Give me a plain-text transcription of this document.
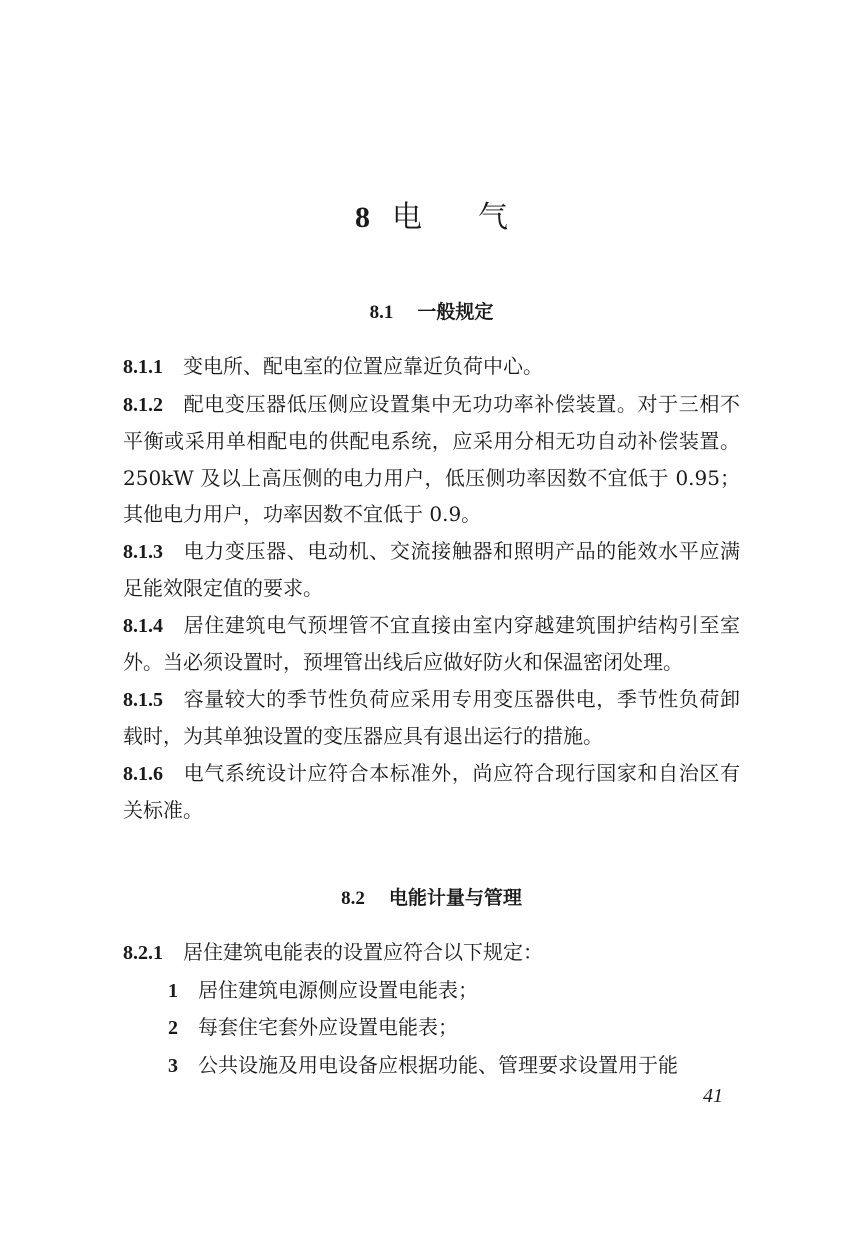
8 电 气
8.1 一般规定

8.1.1 变电所、配电室的位置应靠近负荷中心。

8.1.2 配电变压器低压侧应设置集中无功功率补偿装置。对于三相不平衡或采用单相配电的供配电系统，应采用分相无功自动补偿装置。250kW 及以上高压侧的电力用户，低压侧功率因数不宜低于 0.95；其他电力用户，功率因数不宜低于 0.9。

8.1.3 电力变压器、电动机、交流接触器和照明产品的能效水平应满足能效限定值的要求。

8.1.4 居住建筑电气预埋管不宜直接由室内穿越建筑围护结构引至室外。当必须设置时，预埋管出线后应做好防火和保温密闭处理。

8.1.5 容量较大的季节性负荷应采用专用变压器供电，季节性负荷卸载时，为其单独设置的变压器应具有退出运行的措施。

8.1.6 电气系统设计应符合本标准外，尚应符合现行国家和自治区有关标准。

8.2 电能计量与管理

8.2.1 居住建筑电能表的设置应符合以下规定：

1 居住建筑电源侧应设置电能表；

2 每套住宅套外应设置电能表；

3 公共设施及用电设备应根据功能、管理要求设置用于能

41
